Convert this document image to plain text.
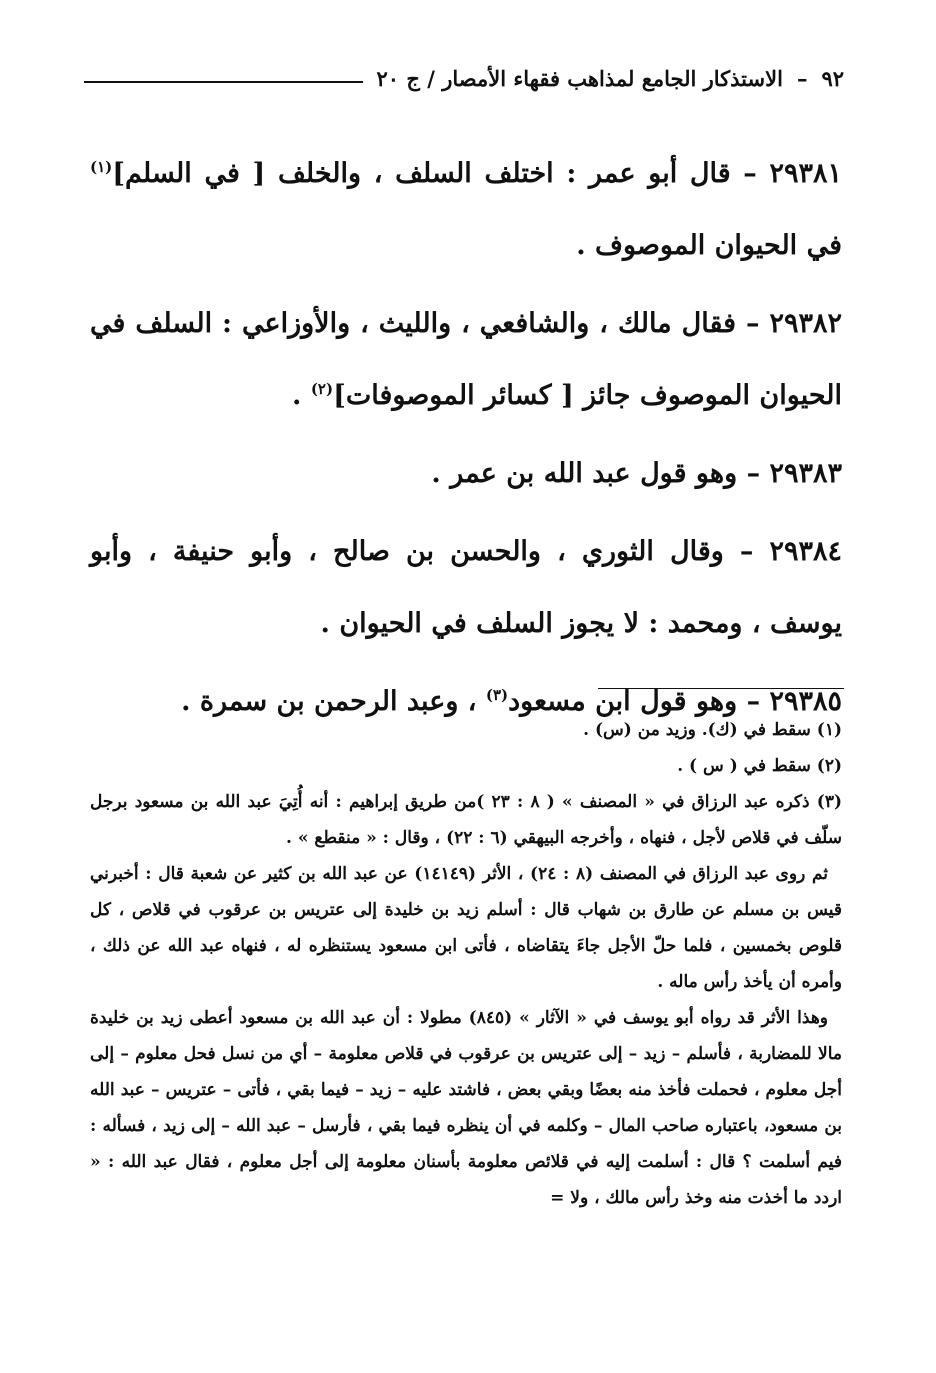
٩٢
–
الاستذكار الجامع لمذاهب فقهاء الأمصار / ج ٢٠

٢٩٣٨١ – قال أبو عمر : اختلف السلف ، والخلف [ في السلم]$^{(١)}$ في الحيوان الموصوف .

٢٩٣٨٢ – فقال مالك ، والشافعي ، والليث ، والأوزاعي : السلف في الحيوان الموصوف جائز [ كسائر الموصوفات]$^{(٢)}$ .

٢٩٣٨٣ – وهو قول عبد الله بن عمر .

٢٩٣٨٤ – وقال الثوري ، والحسن بن صالح ، وأبو حنيفة ، وأبو يوسف ، ومحمد : لا يجوز السلف في الحيوان .

٢٩٣٨٥ – وهو قول ابن مسعود$^{(٣)}$ ، وعبد الرحمن بن سمرة .

(١) سقط في (ك). وزيد من (س) .

(٢) سقط في ( س ) .

(٣) ذكره عبد الرزاق في « المصنف » ( ٨ : ٢٣ )من طريق إبراهيم : أنه أُتِيَ عبد الله بن مسعود برجل سلّف في قلاص لأجل ، فنهاه ، وأخرجه البيهقي (٦ : ٢٢) ، وقال : « منقطع » .

ثم روى عبد الرزاق في المصنف (٨ : ٢٤) ، الأثر (١٤١٤٩) عن عبد الله بن كثير عن شعبة قال : أخبرني قيس بن مسلم عن طارق بن شهاب قال : أسلم زيد بن خليدة إلى عتريس بن عرقوب في قلاص ، كل قلوص بخمسين ، فلما حلّ الأجل جاءَ يتقاضاه ، فأتى ابن مسعود يستنظره له ، فنهاه عبد الله عن ذلك ، وأمره أن يأخذ رأس ماله .

وهذا الأثر قد رواه أبو يوسف في « الآثار » (٨٤٥) مطولا : أن عبد الله بن مسعود أعطى زيد بن خليدة مالا للمضاربة ، فأسلم – زيد – إلى عتريس بن عرقوب في قلاص معلومة – أي من نسل فحل معلوم – إلى أجل معلوم ، فحملت فأخذ منه بعضًا وبقي بعض ، فاشتد عليه – زيد – فيما بقي ، فأتى – عتريس – عبد الله بن مسعود، باعتباره صاحب المال – وكلمه في أن ينظره فيما بقي ، فأرسل – عبد الله – إلى زيد ، فسأله : فيم أسلمت ؟ قال : أسلمت إليه في قلائص معلومة بأسنان معلومة إلى أجل معلوم ، فقال عبد الله : « اردد ما أخذت منه وخذ رأس مالك ، ولا =
